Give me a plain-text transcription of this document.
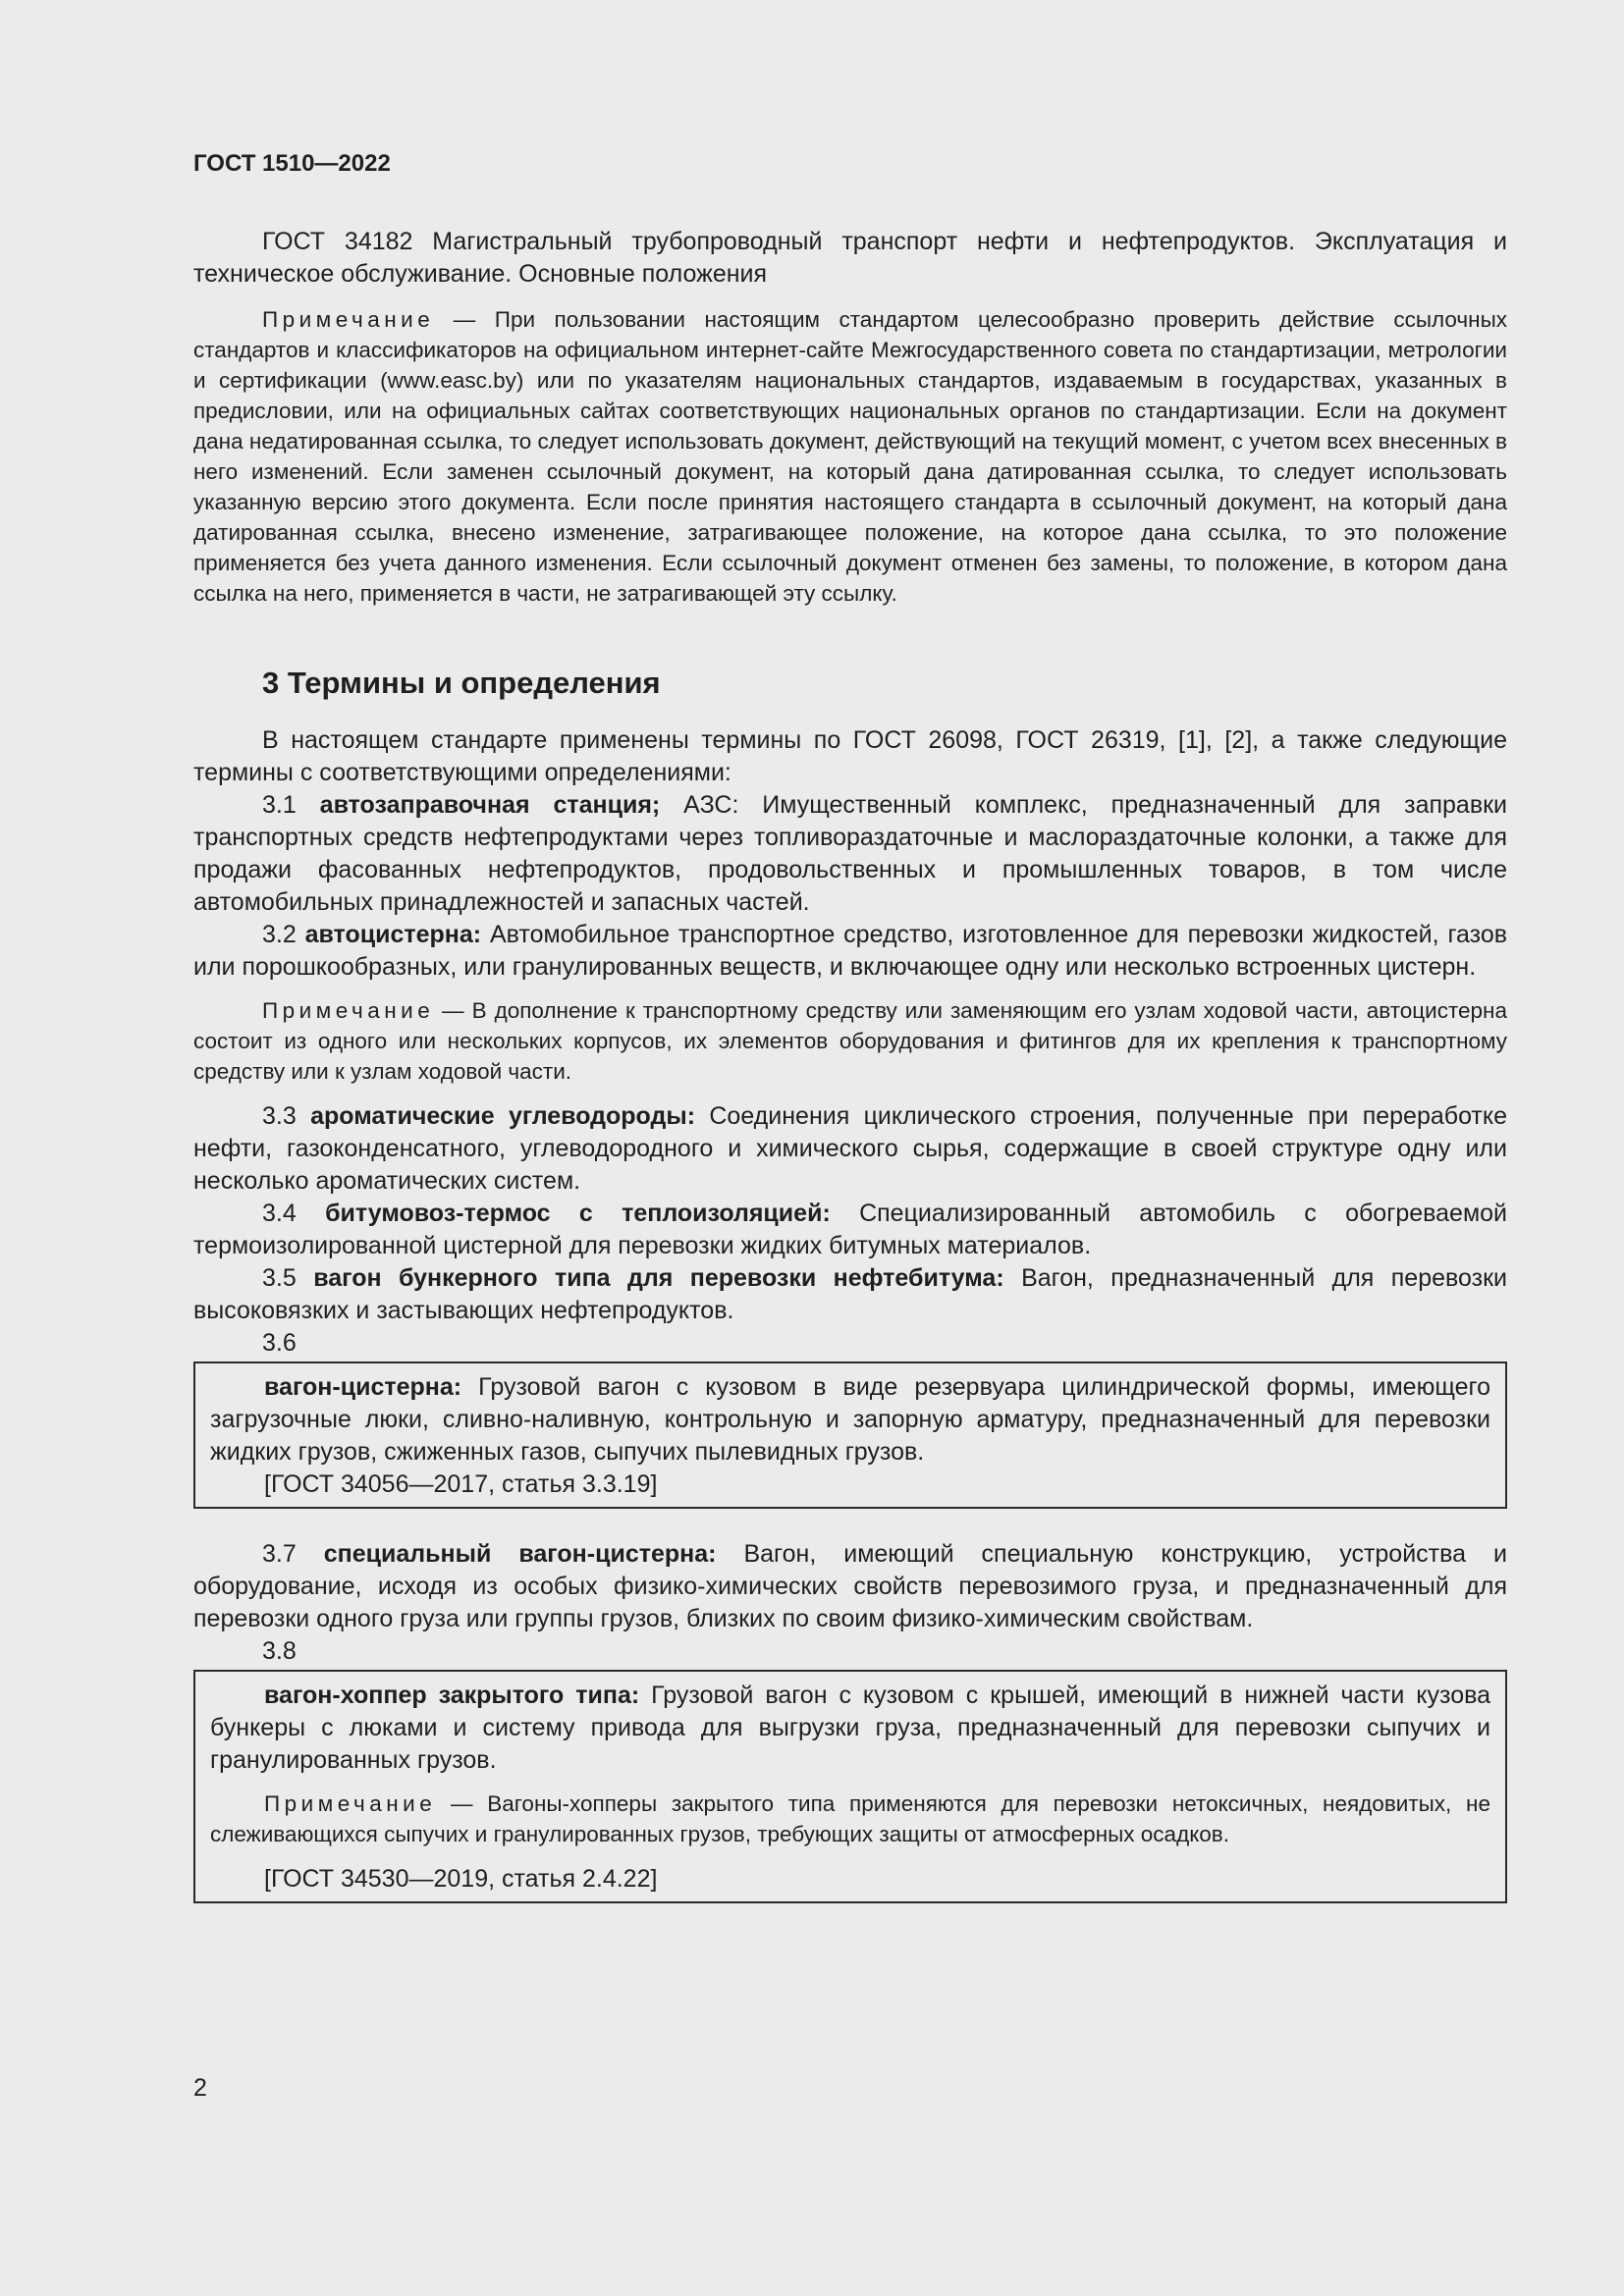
ГОСТ 1510—2022

ГОСТ 34182 Магистральный трубопроводный транспорт нефти и нефтепродуктов. Эксплуатация и техническое обслуживание. Основные положения

Примечание — При пользовании настоящим стандартом целесообразно проверить действие ссылочных стандартов и классификаторов на официальном интернет-сайте Межгосударственного совета по стандартизации, метрологии и сертификации (www.easc.by) или по указателям национальных стандартов, издаваемым в государствах, указанных в предисловии, или на официальных сайтах соответствующих национальных органов по стандартизации. Если на документ дана недатированная ссылка, то следует использовать документ, действующий на текущий момент, с учетом всех внесенных в него изменений. Если заменен ссылочный документ, на который дана датированная ссылка, то следует использовать указанную версию этого документа. Если после принятия настоящего стандарта в ссылочный документ, на который дана датированная ссылка, внесено изменение, затрагивающее положение, на которое дана ссылка, то это положение применяется без учета данного изменения. Если ссылочный документ отменен без замены, то положение, в котором дана ссылка на него, применяется в части, не затрагивающей эту ссылку.

3 Термины и определения

В настоящем стандарте применены термины по ГОСТ 26098, ГОСТ 26319, [1], [2], а также следующие термины с соответствующими определениями:

3.1 автозаправочная станция; АЗС: Имущественный комплекс, предназначенный для заправки транспортных средств нефтепродуктами через топливораздаточные и маслораздаточные колонки, а также для продажи фасованных нефтепродуктов, продовольственных и промышленных товаров, в том числе автомобильных принадлежностей и запасных частей.

3.2 автоцистерна: Автомобильное транспортное средство, изготовленное для перевозки жидкостей, газов или порошкообразных, или гранулированных веществ, и включающее одну или несколько встроенных цистерн.

Примечание — В дополнение к транспортному средству или заменяющим его узлам ходовой части, автоцистерна состоит из одного или нескольких корпусов, их элементов оборудования и фитингов для их крепления к транспортному средству или к узлам ходовой части.

3.3 ароматические углеводороды: Соединения циклического строения, полученные при переработке нефти, газоконденсатного, углеводородного и химического сырья, содержащие в своей структуре одну или несколько ароматических систем.

3.4 битумовоз-термос с теплоизоляцией: Специализированный автомобиль с обогреваемой термоизолированной цистерной для перевозки жидких битумных материалов.

3.5 вагон бункерного типа для перевозки нефтебитума: Вагон, предназначенный для перевозки высоковязких и застывающих нефтепродуктов.

3.6

вагон-цистерна: Грузовой вагон с кузовом в виде резервуара цилиндрической формы, имеющего загрузочные люки, сливно-наливную, контрольную и запорную арматуру, предназначенный для перевозки жидких грузов, сжиженных газов, сыпучих пылевидных грузов.

[ГОСТ 34056—2017, статья 3.3.19]

3.7 специальный вагон-цистерна: Вагон, имеющий специальную конструкцию, устройства и оборудование, исходя из особых физико-химических свойств перевозимого груза, и предназначенный для перевозки одного груза или группы грузов, близких по своим физико-химическим свойствам.

3.8

вагон-хоппер закрытого типа: Грузовой вагон с кузовом с крышей, имеющий в нижней части кузова бункеры с люками и систему привода для выгрузки груза, предназначенный для перевозки сыпучих и гранулированных грузов.

Примечание — Вагоны-хопперы закрытого типа применяются для перевозки нетоксичных, неядовитых, не слеживающихся сыпучих и гранулированных грузов, требующих защиты от атмосферных осадков.

[ГОСТ 34530—2019, статья 2.4.22]

2
